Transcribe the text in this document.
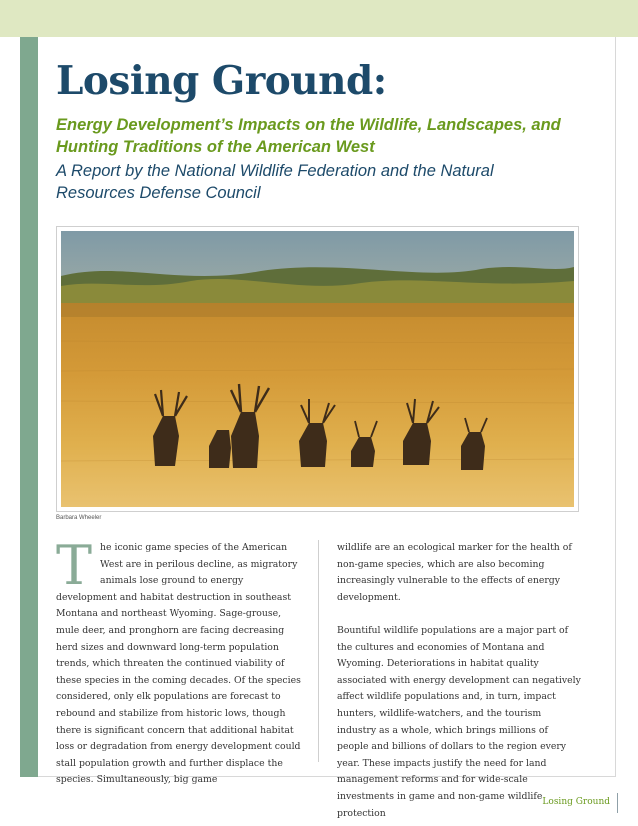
Losing Ground:

Energy Development’s Impacts on the Wildlife, Landscapes, and Hunting Traditions of the American West

A Report by the National Wildlife Federation and the Natural Resources Defense Council

Barbara Wheeler
T he iconic game species of the American West are in perilous decline, as migratory animals lose ground to energy development and habitat destruction in southeast Montana and northeast Wyoming. Sage-grouse, mule deer, and pronghorn are facing decreasing herd sizes and downward long-term population trends, which threaten the continued viability of these species in the coming decades. Of the species considered, only elk populations are forecast to rebound and stabilize from historic lows, though there is significant concern that additional habitat loss or degradation from energy development could stall population growth and further displace the species. Simultaneously, big game

wildlife are an ecological marker for the health of non-game species, which are also becoming increasingly vulnerable to the effects of energy development.

Bountiful wildlife populations are a major part of the cultures and economies of Montana and Wyoming. Deteriorations in habitat quality associated with energy development can negatively affect wildlife populations and, in turn, impact hunters, wildlife-watchers, and the tourism industry as a whole, which brings millions of people and billions of dollars to the region every year. These impacts justify the need for land management reforms and for wide-scale investments in game and non-game wildlife protection

Losing Ground
